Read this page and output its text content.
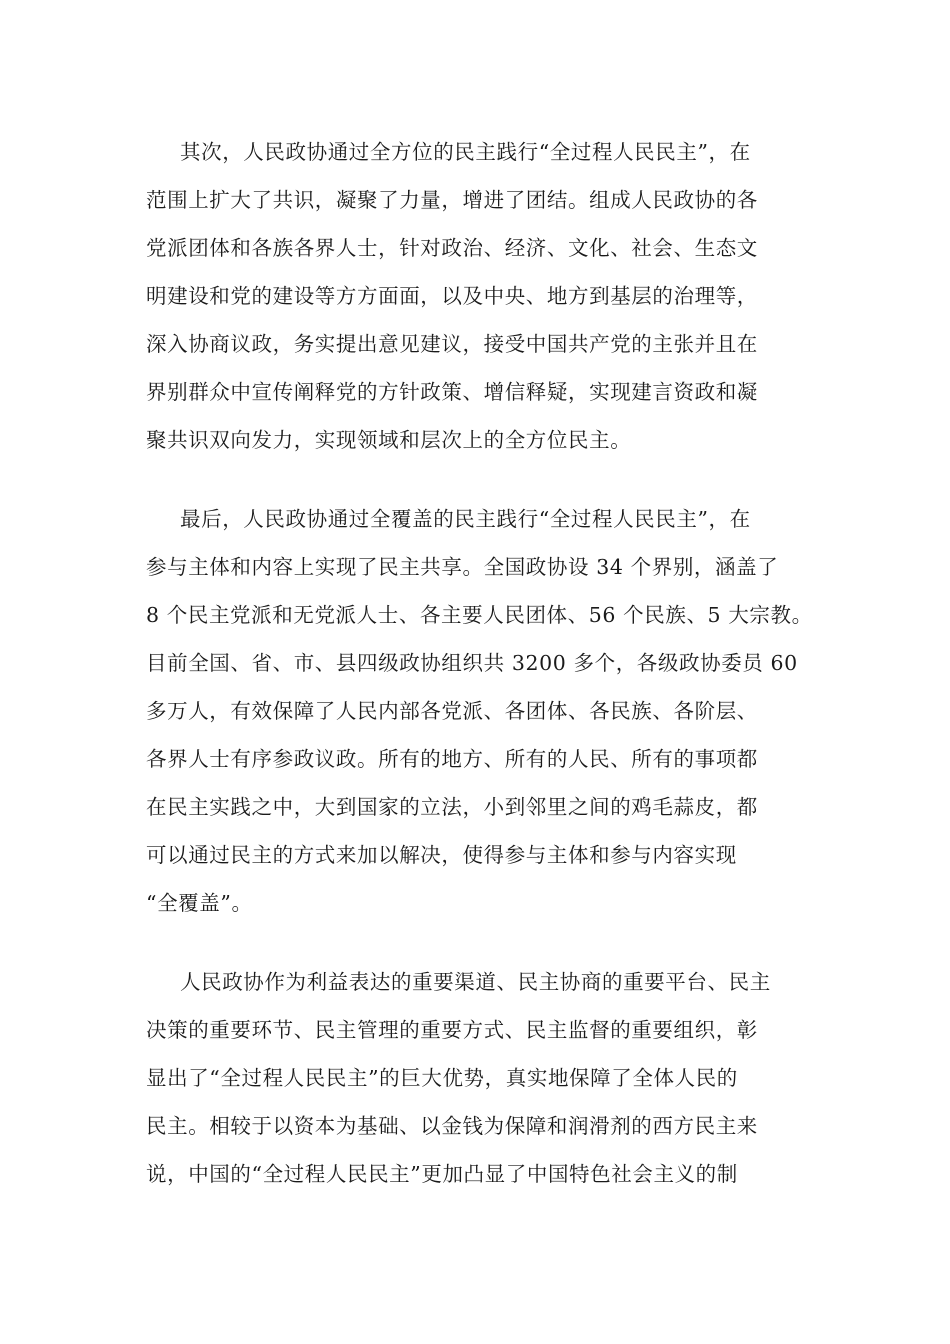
其次，人民政协通过全方位的民主践行“全过程人民民主”，在
范围上扩大了共识，凝聚了力量，增进了团结。组成人民政协的各
党派团体和各族各界人士，针对政治、经济、文化、社会、生态文
明建设和党的建设等方方面面，以及中央、地方到基层的治理等，
深入协商议政，务实提出意见建议，接受中国共产党的主张并且在
界别群众中宣传阐释党的方针政策、增信释疑，实现建言资政和凝
聚共识双向发力，实现领域和层次上的全方位民主。
最后，人民政协通过全覆盖的民主践行“全过程人民民主”，在
参与主体和内容上实现了民主共享。全国政协设 34 个界别，涵盖了
8 个民主党派和无党派人士、各主要人民团体、56 个民族、5 大宗教。
目前全国、省、市、县四级政协组织共 3200 多个，各级政协委员 60
多万人，有效保障了人民内部各党派、各团体、各民族、各阶层、
各界人士有序参政议政。所有的地方、所有的人民、所有的事项都
在民主实践之中，大到国家的立法，小到邻里之间的鸡毛蒜皮，都
可以通过民主的方式来加以解决，使得参与主体和参与内容实现
“全覆盖”。
人民政协作为利益表达的重要渠道、民主协商的重要平台、民主
决策的重要环节、民主管理的重要方式、民主监督的重要组织，彰
显出了“全过程人民民主”的巨大优势，真实地保障了全体人民的
民主。相较于以资本为基础、以金钱为保障和润滑剂的西方民主来
说，中国的“全过程人民民主”更加凸显了中国特色社会主义的制
